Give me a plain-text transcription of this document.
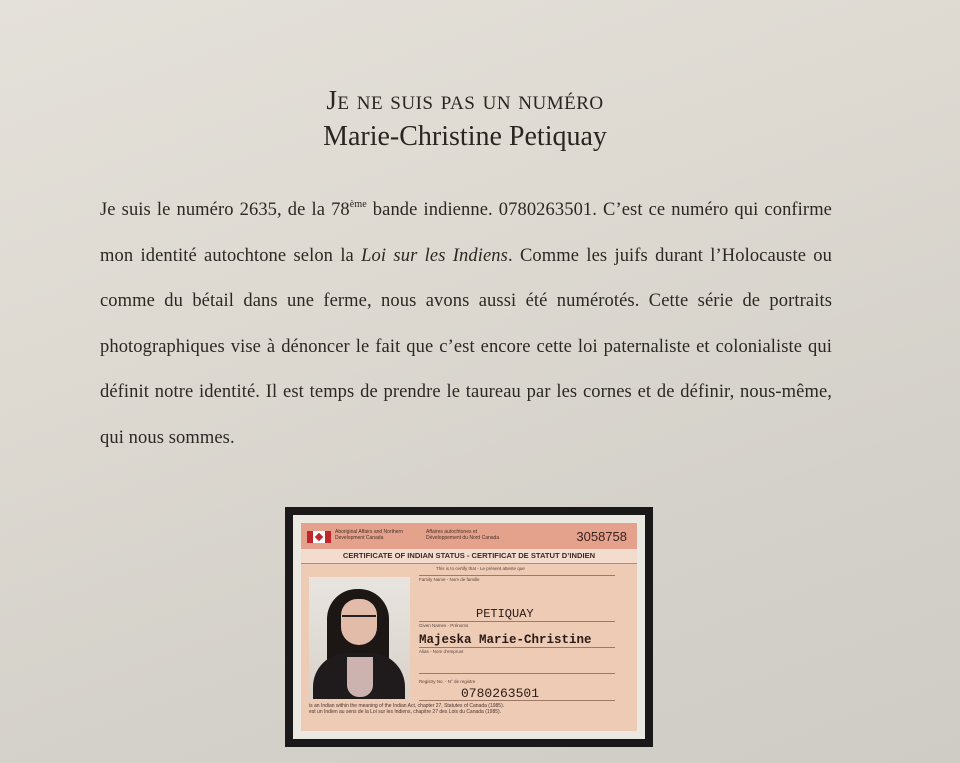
Je ne suis pas un numéro

Marie-Christine Petiquay

Je suis le numéro 2635, de la 78ème bande indienne. 0780263501. C’est ce numéro qui confirme mon identité autochtone selon la Loi sur les Indiens. Comme les juifs durant l’Holocauste ou comme du bétail dans une ferme, nous avons aussi été numérotés. Cette série de portraits photographiques vise à dénoncer le fait que c’est encore cette loi paternaliste et colonialiste qui définit notre identité. Il est temps de prendre le taureau par les cornes et de définir, nous-même, qui nous sommes.
Aboriginal Affairs and Northern Development Canada
Affaires autochtones et Développement du Nord Canada	3058758
CERTIFICATE OF INDIAN STATUS - CERTIFICAT DE STATUT D’INDIEN
This is to certify that - Le présent atteste que
Family Name - Nom de famille
PETIQUAY
Given Names - Prénoms
Majeska Marie-Christine
Alias - Nom d’emprunt
Registry No. - N° de registre
0780263501
is an Indian within the meaning of the Indian Act, chapter 27, Statutes of Canada (1985).
est un Indien au sens de la Loi sur les Indiens, chapitre 27 des Lois du Canada (1985).
